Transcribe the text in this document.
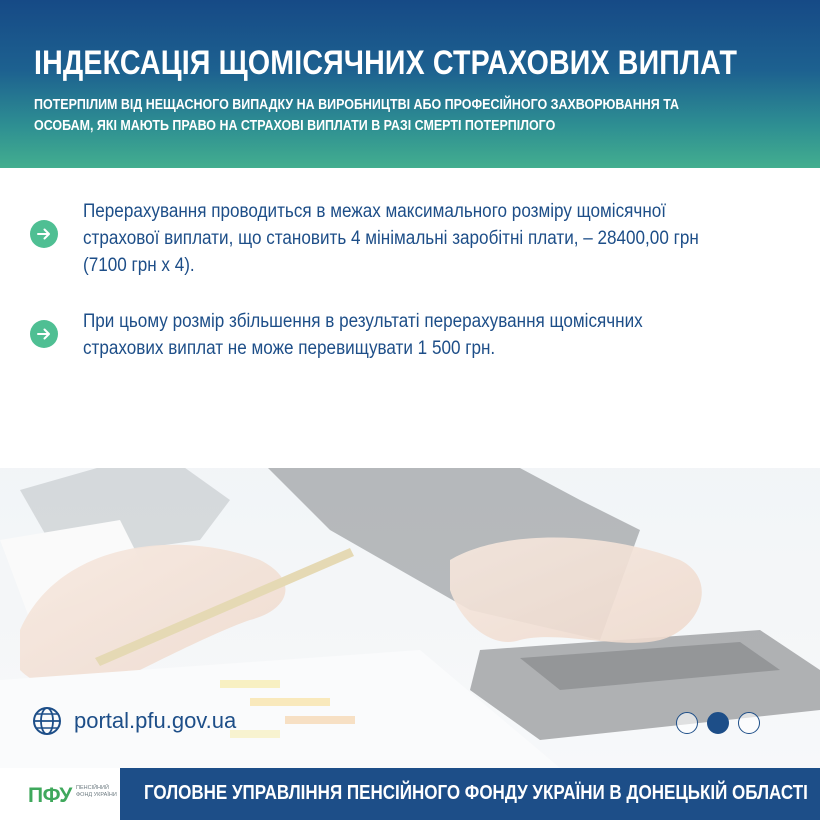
ІНДЕКСАЦІЯ ЩОМІСЯЧНИХ СТРАХОВИХ ВИПЛАТ

ПОТЕРПІЛИМ ВІД НЕЩАСНОГО ВИПАДКУ НА ВИРОБНИЦТВІ АБО ПРОФЕСІЙНОГО ЗАХВОРЮВАННЯ ТА
ОСОБАМ, ЯКІ МАЮТЬ ПРАВО НА СТРАХОВІ ВИПЛАТИ В РАЗІ СМЕРТІ ПОТЕРПІЛОГО

Перерахування проводиться в межах максимального розміру щомісячної
страхової виплати, що становить 4 мінімальні заробітні плати, – 28400,00 грн
(7100 грн х 4).

При цьому розмір збільшення в результаті перерахування щомісячних
страхових виплат не може перевищувати 1 500 грн.

portal.pfu.gov.ua
ПФУ ПЕНСІЙНИЙ ФОНД УКРАЇНИ ГОЛОВНЕ УПРАВЛІННЯ ПЕНСІЙНОГО ФОНДУ УКРАЇНИ В ДОНЕЦЬКІЙ ОБЛАСТІ
